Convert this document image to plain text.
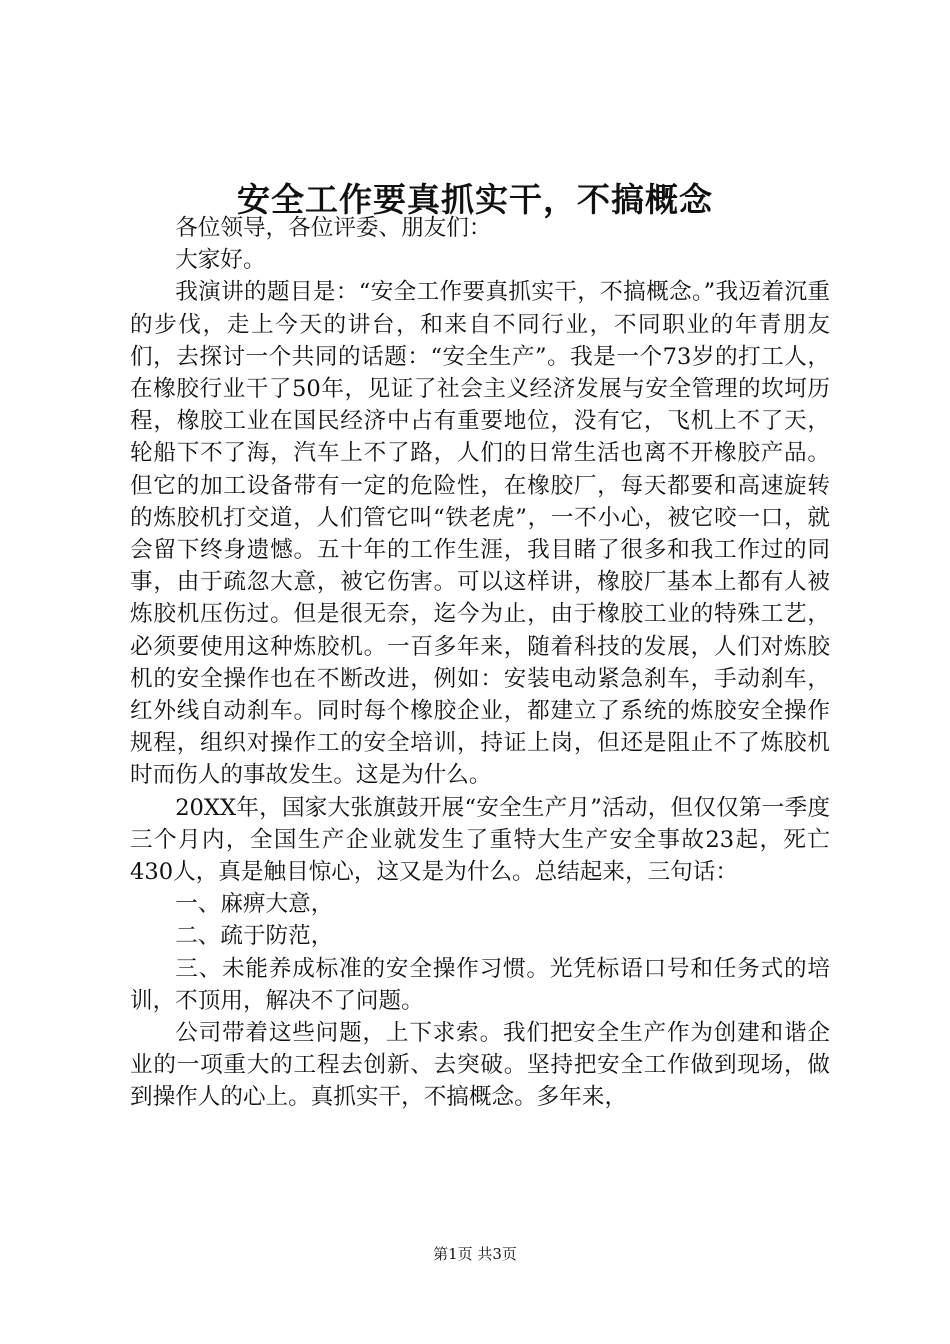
安全工作要真抓实干，不搞概念

各位领导，各位评委、朋友们：

大家好。

我演讲的题目是：“安全工作要真抓实干，不搞概念。”我迈着沉重的步伐，走上今天的讲台，和来自不同行业，不同职业的年青朋友们，去探讨一个共同的话题：“安全生产”。我是一个73岁的打工人，在橡胶行业干了50年，见证了社会主义经济发展与安全管理的坎坷历程，橡胶工业在国民经济中占有重要地位，没有它，飞机上不了天，轮船下不了海，汽车上不了路，人们的日常生活也离不开橡胶产品。但它的加工设备带有一定的危险性，在橡胶厂，每天都要和高速旋转的炼胶机打交道，人们管它叫“铁老虎”，一不小心，被它咬一口，就会留下终身遗憾。五十年的工作生涯，我目睹了很多和我工作过的同事，由于疏忽大意，被它伤害。可以这样讲，橡胶厂基本上都有人被炼胶机压伤过。但是很无奈，迄今为止，由于橡胶工业的特殊工艺，必须要使用这种炼胶机。一百多年来，随着科技的发展，人们对炼胶机的安全操作也在不断改进，例如：安装电动紧急刹车，手动刹车，红外线自动刹车。同时每个橡胶企业，都建立了系统的炼胶安全操作规程，组织对操作工的安全培训，持证上岗，但还是阻止不了炼胶机时而伤人的事故发生。这是为什么。

20XX年，国家大张旗鼓开展“安全生产月”活动，但仅仅第一季度三个月内，全国生产企业就发生了重特大生产安全事故23起，死亡430人，真是触目惊心，这又是为什么。总结起来，三句话：

一、麻痹大意，

二、疏于防范，

三、未能养成标准的安全操作习惯。光凭标语口号和任务式的培训，不顶用，解决不了问题。

公司带着这些问题，上下求索。我们把安全生产作为创建和谐企业的一项重大的工程去创新、去突破。坚持把安全工作做到现场，做到操作人的心上。真抓实干，不搞概念。多年来，

第1页 共3页
